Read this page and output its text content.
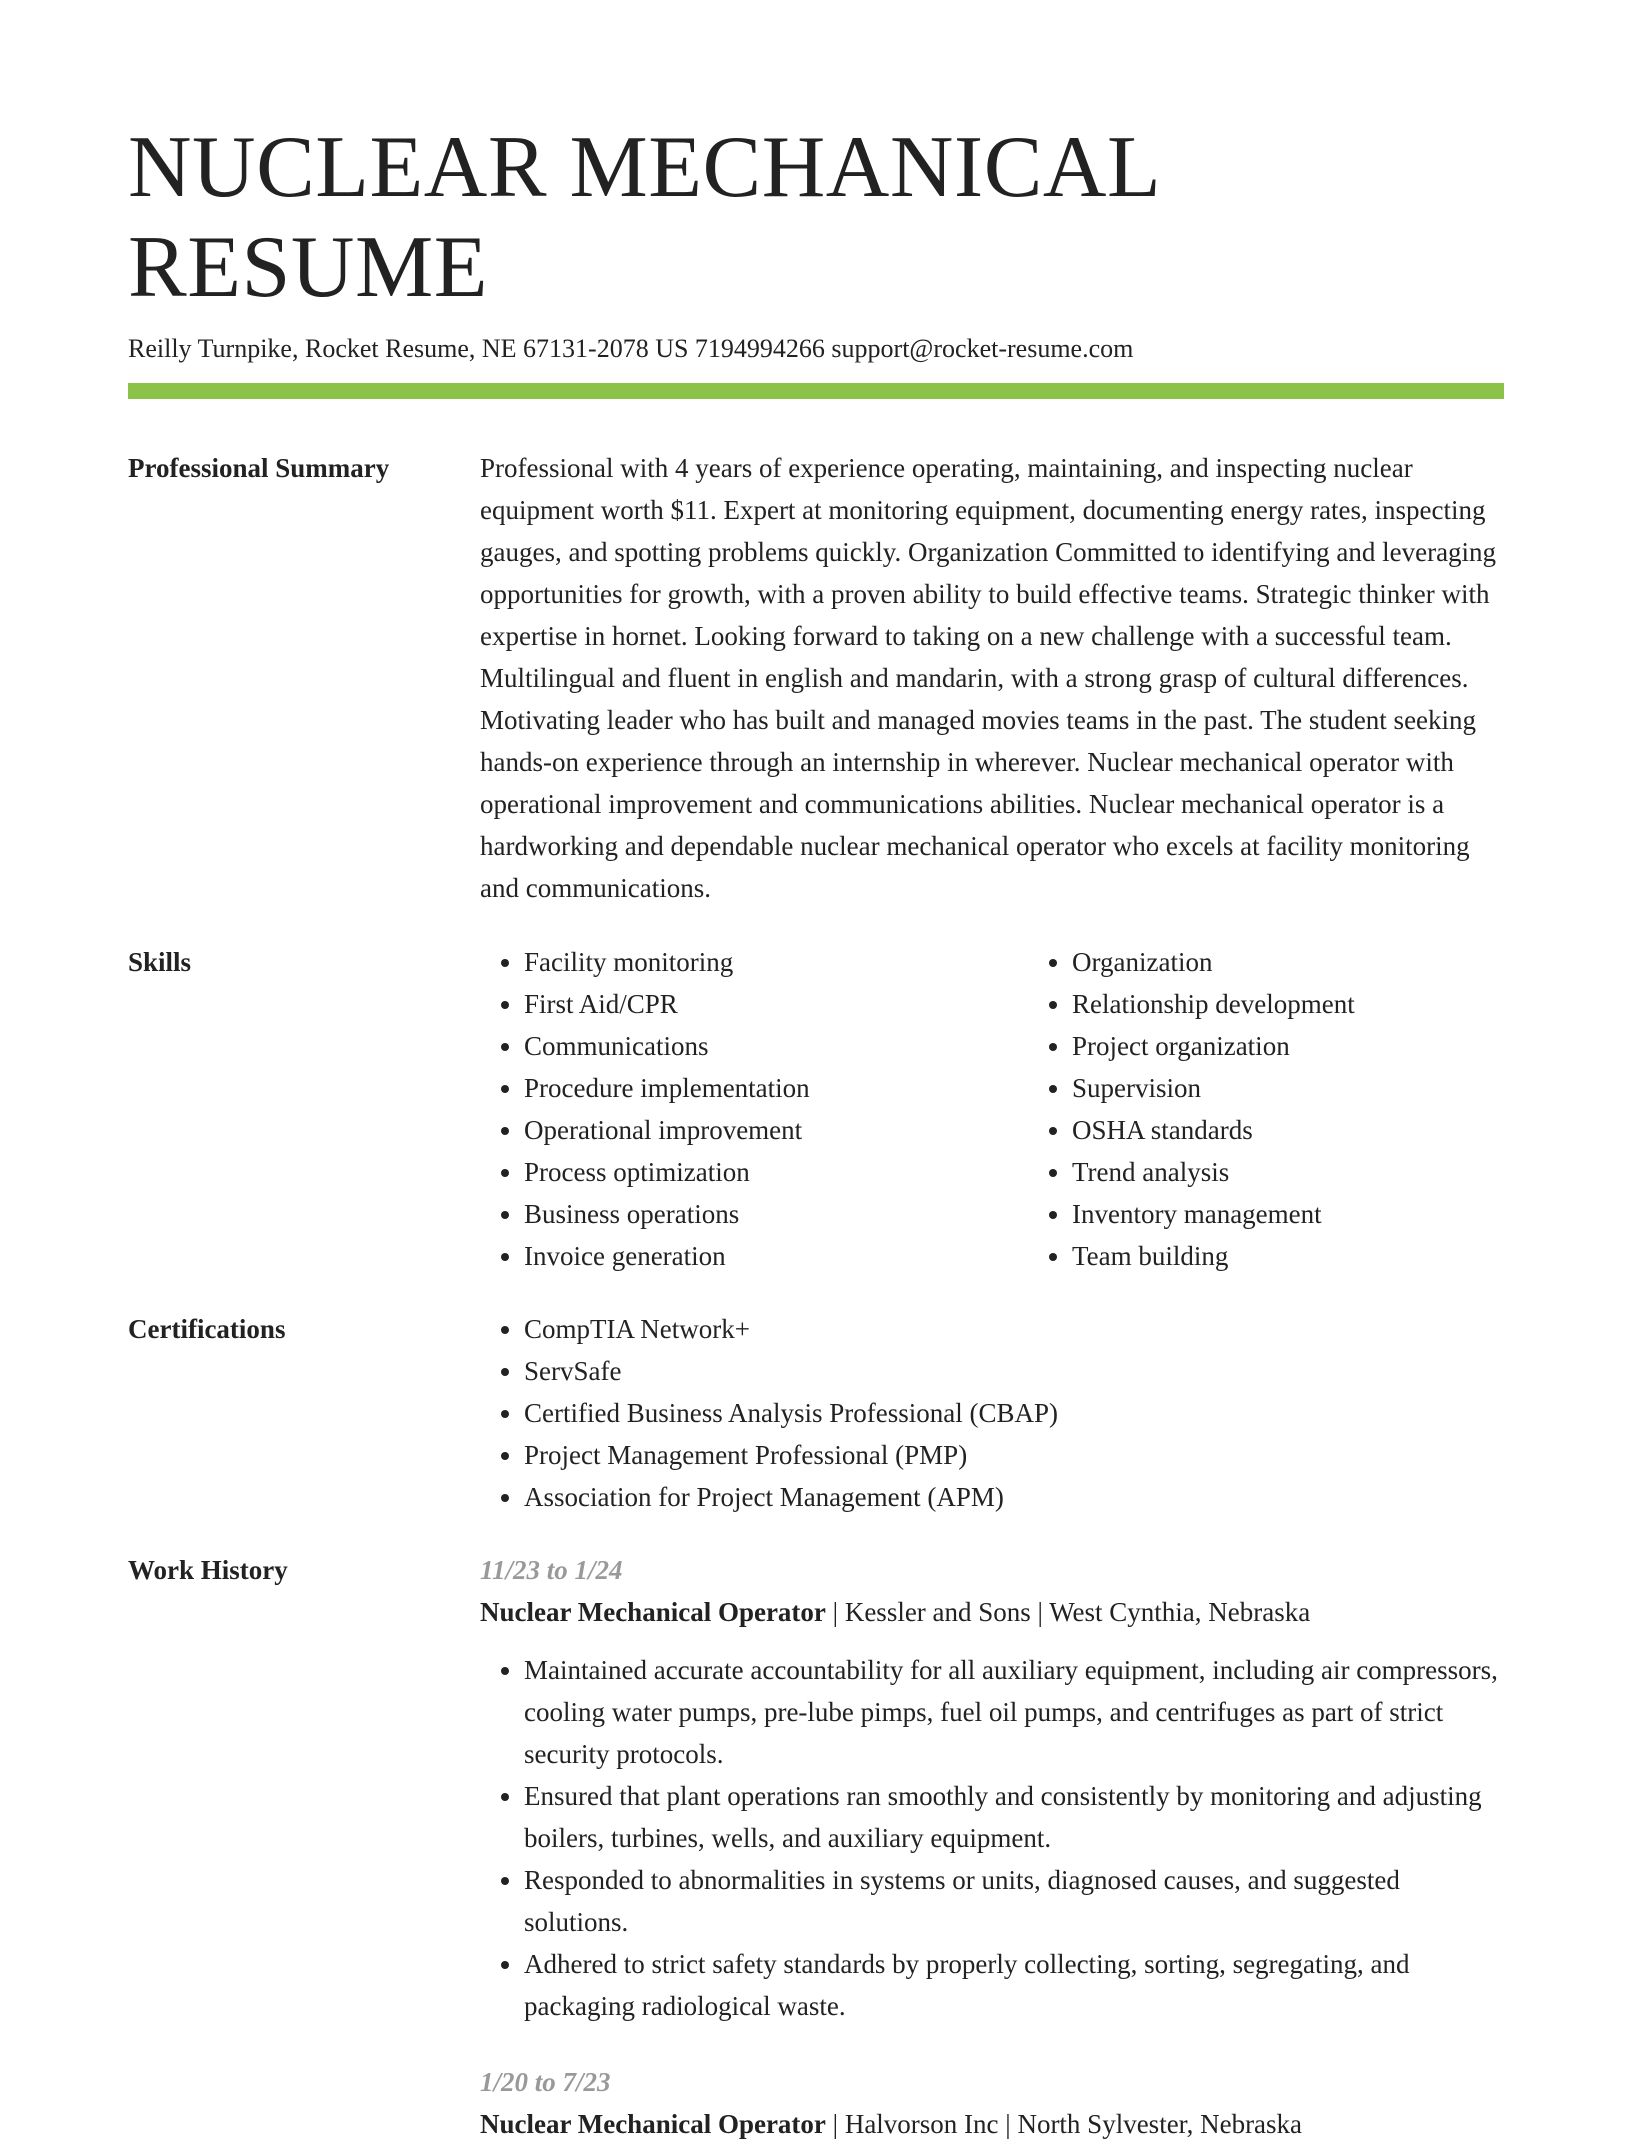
NUCLEAR MECHANICAL RESUME
Reilly Turnpike, Rocket Resume, NE 67131-2078 US 7194994266 support@rocket-resume.com
Professional Summary	Professional with 4 years of experience operating, maintaining, and inspecting nuclear equipment worth $11. Expert at monitoring equipment, documenting energy rates, inspecting gauges, and spotting problems quickly. Organization Committed to identifying and leveraging opportunities for growth, with a proven ability to build effective teams. Strategic thinker with expertise in hornet. Looking forward to taking on a new challenge with a successful team. Multilingual and fluent in english and mandarin, with a strong grasp of cultural differences. Motivating leader who has built and managed movies teams in the past. The student seeking hands-on experience through an internship in wherever. Nuclear mechanical operator with operational improvement and communications abilities. Nuclear mechanical operator is a hardworking and dependable nuclear mechanical operator who excels at facility monitoring and communications.

Skills	• Facility monitoring
• First Aid/CPR
• Communications
• Procedure implementation
• Operational improvement
• Process optimization
• Business operations
• Invoice generation
• Organization
• Relationship development
• Project organization
• Supervision
• OSHA standards
• Trend analysis
• Inventory management
• Team building
Certifications	• CompTIA Network+
• ServSafe
• Certified Business Analysis Professional (CBAP)
• Project Management Professional (PMP)
• Association for Project Management (APM)
Work History	11/23 to 1/24
Nuclear Mechanical Operator | Kessler and Sons | West Cynthia, Nebraska
• Maintained accurate accountability for all auxiliary equipment, including air compressors, cooling water pumps, pre-lube pimps, fuel oil pumps, and centrifuges as part of strict security protocols.
• Ensured that plant operations ran smoothly and consistently by monitoring and adjusting boilers, turbines, wells, and auxiliary equipment.
• Responded to abnormalities in systems or units, diagnosed causes, and suggested solutions.
• Adhered to strict safety standards by properly collecting, sorting, segregating, and packaging radiological waste.
1/20 to 7/23
Nuclear Mechanical Operator | Halvorson Inc | North Sylvester, Nebraska
